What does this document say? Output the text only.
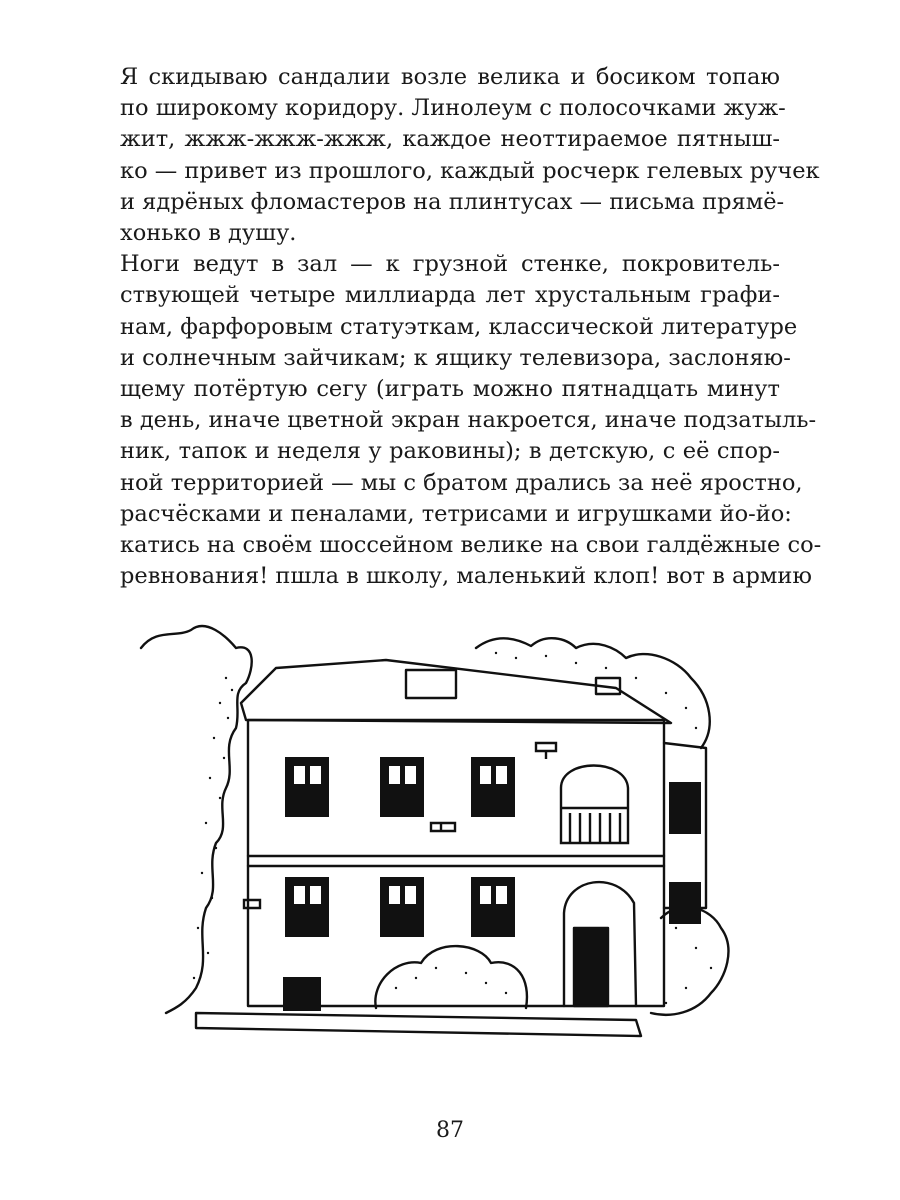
Я скидываю сандалии возле велика и босиком топаю
по широкому коридору. Линолеум с полосочками жуж-
жит, жжж-жжж-жжж, каждое неоттираемое пятныш-
ко — привет из прошлого, каждый росчерк гелевых ручек
и ядрёных фломастеров на плинтусах — письма прямё-
хонько в душу.

Ноги ведут в зал — к грузной стенке, покровитель-
ствующей четыре миллиарда лет хрустальным графи-
нам, фарфоровым статуэткам, классической литературе
и солнечным зайчикам; к ящику телевизора, заслоняю-
щему потёртую сегу (играть можно пятнадцать минут
в день, иначе цветной экран накроется, иначе подзатыль-
ник, тапок и неделя у раковины); в детскую, с её спор-
ной территорией — мы с братом дрались за неё яростно,
расчёсками и пеналами, тетрисами и игрушками йо-йо:
катись на своём шоссейном велике на свои галдёжные со-
ревнования! пшла в школу, маленький клоп! вот в армию

87
